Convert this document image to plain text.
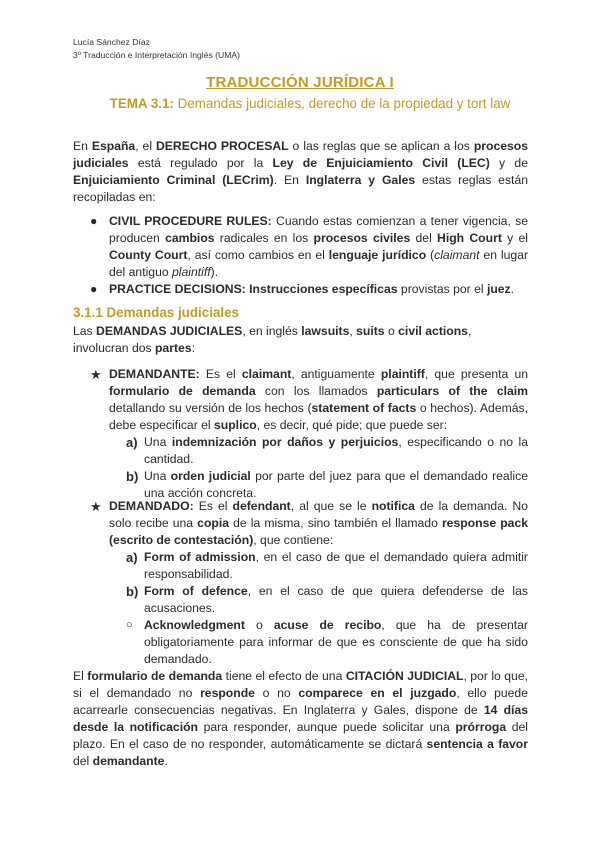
Lucía Sánchez Díaz
3º Traducción e Interpretación Inglés (UMA)
TRADUCCIÓN JURÍDICA I
TEMA 3.1: Demandas judiciales, derecho de la propiedad y tort law
En España, el DERECHO PROCESAL o las reglas que se aplican a los procesos judiciales está regulado por la Ley de Enjuiciamiento Civil (LEC) y de Enjuiciamiento Criminal (LECrim). En Inglaterra y Gales estas reglas están recopiladas en:
● CIVIL PROCEDURE RULES: Cuando estas comienzan a tener vigencia, se producen cambios radicales en los procesos civiles del High Court y el County Court, así como cambios en el lenguaje jurídico (claimant en lugar del antiguo plaintiff).
● PRACTICE DECISIONS: Instrucciones específicas provistas por el juez.
3.1.1 Demandas judiciales
Las DEMANDAS JUDICIALES, en inglés lawsuits, suits o civil actions, involucran dos partes:
★ DEMANDANTE: Es el claimant, antiguamente plaintiff, que presenta un formulario de demanda con los llamados particulars of the claim detallando su versión de los hechos (statement of facts o hechos). Además, debe especificar el suplico, es decir, qué pide; que puede ser:
a) Una indemnización por daños y perjuicios, especificando o no la cantidad.
b) Una orden judicial por parte del juez para que el demandado realice una acción concreta.
★ DEMANDADO: Es el defendant, al que se le notifica de la demanda. No solo recibe una copia de la misma, sino también el llamado response pack (escrito de contestación), que contiene:
a) Form of admission, en el caso de que el demandado quiera admitir responsabilidad.
b) Form of defence, en el caso de que quiera defenderse de las acusaciones.
○ Acknowledgment o acuse de recibo, que ha de presentar obligatoriamente para informar de que es consciente de que ha sido demandado.
El formulario de demanda tiene el efecto de una CITACIÓN JUDICIAL, por lo que, si el demandado no responde o no comparece en el juzgado, ello puede acarrearle consecuencias negativas. En Inglaterra y Gales, dispone de 14 días desde la notificación para responder, aunque puede solicitar una prórroga del plazo. En el caso de no responder, automáticamente se dictará sentencia a favor del demandante.
